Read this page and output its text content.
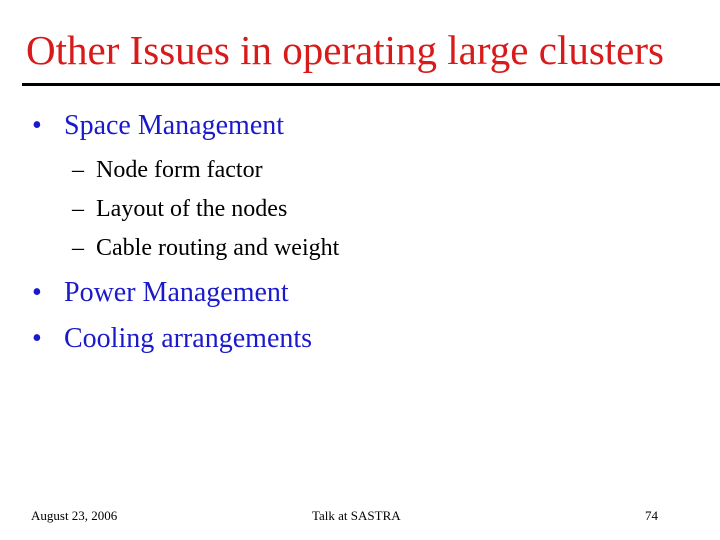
Other Issues in operating large clusters
• Space Management
– Node form factor
– Layout of the nodes
– Cable routing and weight
• Power Management
• Cooling arrangements
August 23, 2006	Talk at SASTRA	74
